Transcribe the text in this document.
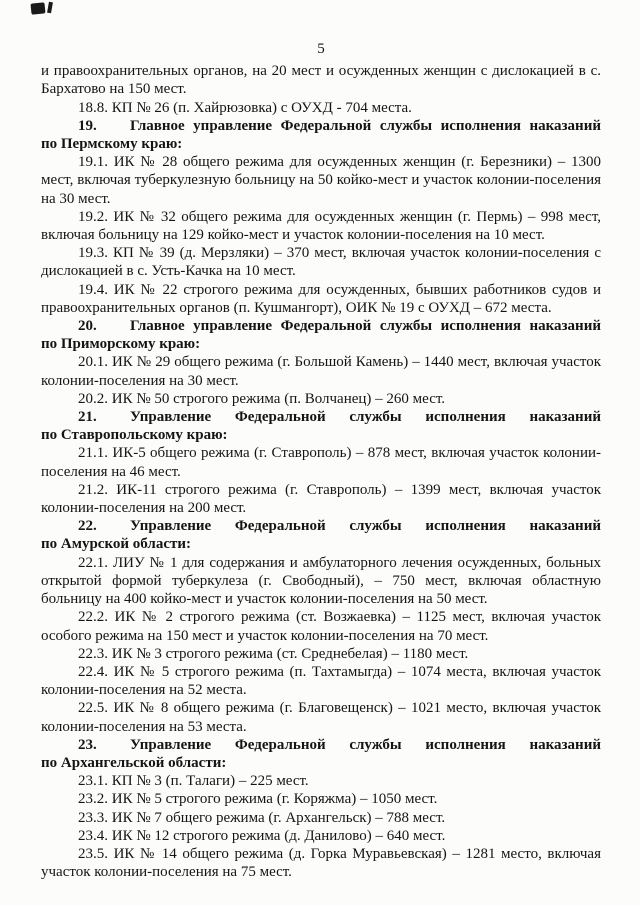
5

и правоохранительных органов, на 20 мест и осужденных женщин с дислокацией в с. Бархатово на 150 мест.

18.8. КП № 26 (п. Хайрюзовка) с ОУХД - 704 места.

19. Главное управление Федеральной службы исполнения наказаний
по Пермскому краю:

19.1. ИК № 28 общего режима для осужденных женщин (г. Березники) – 1300 мест, включая туберкулезную больницу на 50 койко-мест и участок колонии-поселения на 30 мест.

19.2. ИК № 32 общего режима для осужденных женщин (г. Пермь) – 998 мест, включая больницу на 129 койко-мест и участок колонии-поселения на 10 мест.

19.3. КП № 39 (д. Мерзляки) – 370 мест, включая участок колонии-поселения с дислокацией в с. Усть-Качка на 10 мест.

19.4. ИК № 22 строгого режима для осужденных, бывших работников судов и правоохранительных органов (п. Кушмангорт), ОИК № 19 с ОУХД – 672 места.

20. Главное управление Федеральной службы исполнения наказаний
по Приморскому краю:

20.1. ИК № 29 общего режима (г. Большой Камень) – 1440 мест, включая участок колонии-поселения на 30 мест.

20.2. ИК № 50 строгого режима (п. Волчанец) – 260 мест.

21. Управление Федеральной службы исполнения наказаний
по Ставропольскому краю:

21.1. ИК-5 общего режима (г. Ставрополь) – 878 мест, включая участок колонии-поселения на 46 мест.

21.2. ИК-11 строгого режима (г. Ставрополь) – 1399 мест, включая участок колонии-поселения на 200 мест.

22. Управление Федеральной службы исполнения наказаний
по Амурской области:

22.1. ЛИУ № 1 для содержания и амбулаторного лечения осужденных, больных открытой формой туберкулеза (г. Свободный), – 750 мест, включая областную больницу на 400 койко-мест и участок колонии-поселения на 50 мест.

22.2. ИК № 2 строгого режима (ст. Возжаевка) – 1125 мест, включая участок особого режима на 150 мест и участок колонии-поселения на 70 мест.

22.3. ИК № 3 строгого режима (ст. Среднебелая) – 1180 мест.

22.4. ИК № 5 строгого режима (п. Тахтамыгда) – 1074 места, включая участок колонии-поселения на 52 места.

22.5. ИК № 8 общего режима (г. Благовещенск) – 1021 место, включая участок колонии-поселения на 53 места.

23. Управление Федеральной службы исполнения наказаний
по Архангельской области:

23.1. КП № 3 (п. Талаги) – 225 мест.

23.2. ИК № 5 строгого режима (г. Коряжма) – 1050 мест.

23.3. ИК № 7 общего режима (г. Архангельск) – 788 мест.

23.4. ИК № 12 строгого режима (д. Данилово) – 640 мест.

23.5. ИК № 14 общего режима (д. Горка Муравьевская) – 1281 место, включая участок колонии-поселения на 75 мест.
